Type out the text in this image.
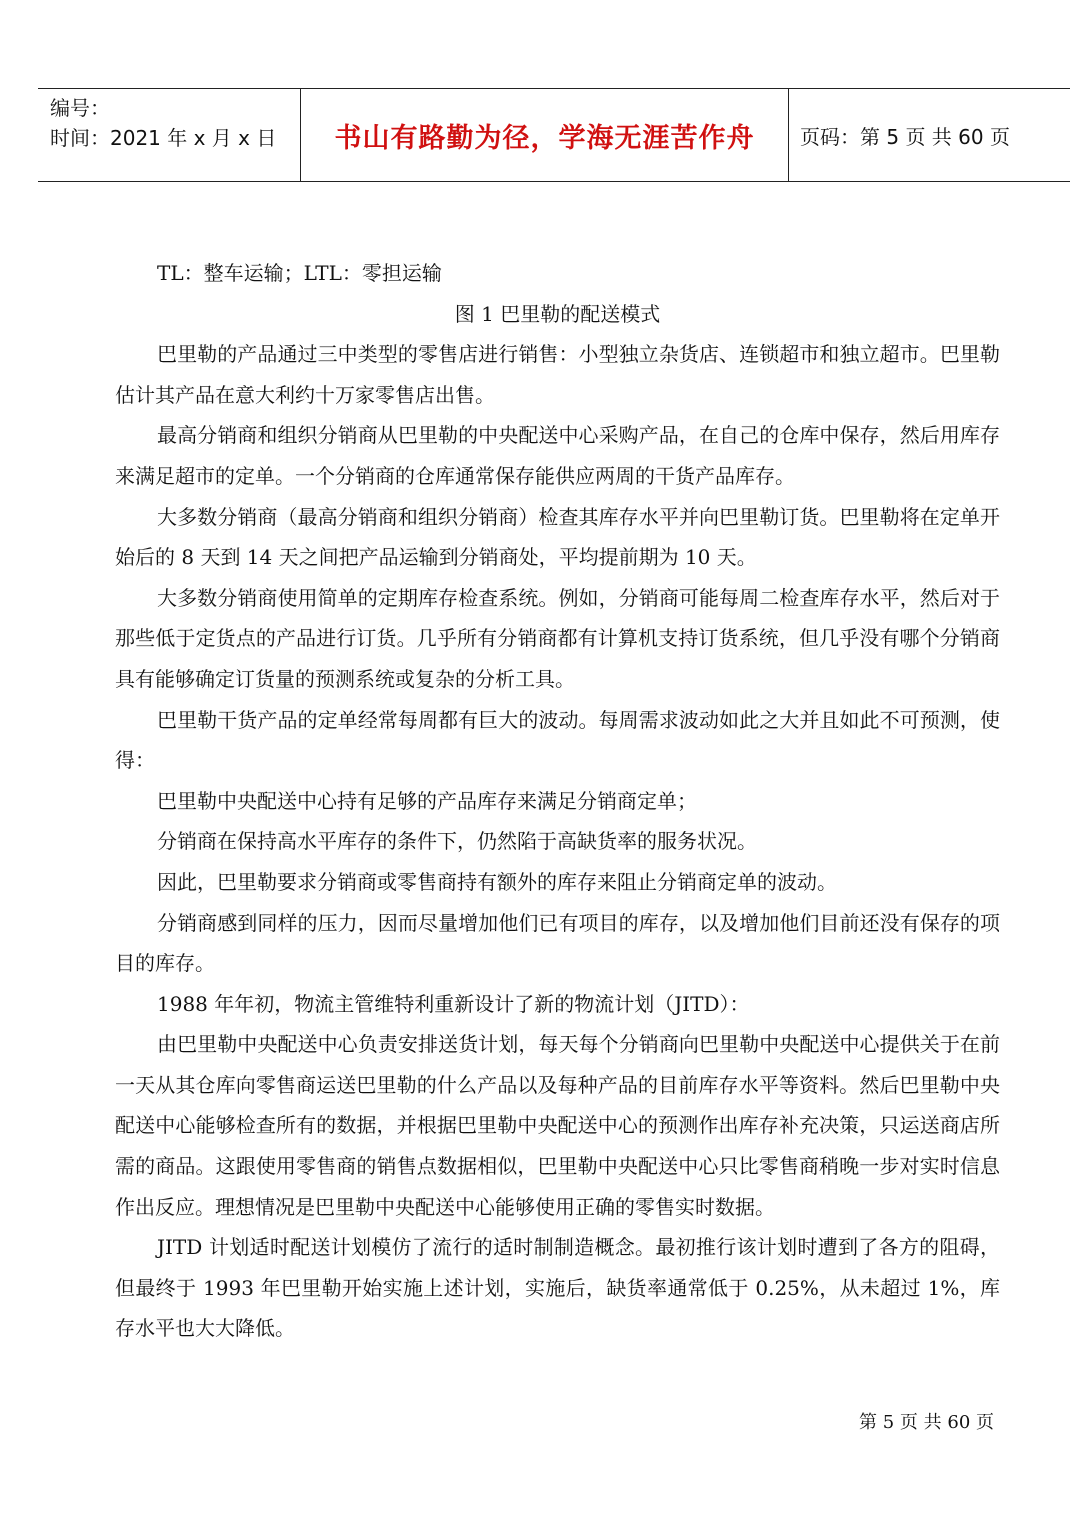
编号：
时间：2021 年 x 月 x 日	书山有路勤为径，学海无涯苦作舟	页码：第 5 页 共 60 页

TL：整车运输；LTL：零担运输

图 1 巴里勒的配送模式

巴里勒的产品通过三中类型的零售店进行销售：小型独立杂货店、连锁超市和独立超市。巴里勒估计其产品在意大利约十万家零售店出售。

最高分销商和组织分销商从巴里勒的中央配送中心采购产品，在自己的仓库中保存，然后用库存来满足超市的定单。一个分销商的仓库通常保存能供应两周的干货产品库存。

大多数分销商（最高分销商和组织分销商）检查其库存水平并向巴里勒订货。巴里勒将在定单开始后的 8 天到 14 天之间把产品运输到分销商处，平均提前期为 10 天。

大多数分销商使用简单的定期库存检查系统。例如，分销商可能每周二检查库存水平，然后对于那些低于定货点的产品进行订货。几乎所有分销商都有计算机支持订货系统，但几乎没有哪个分销商具有能够确定订货量的预测系统或复杂的分析工具。

巴里勒干货产品的定单经常每周都有巨大的波动。每周需求波动如此之大并且如此不可预测，使得：

巴里勒中央配送中心持有足够的产品库存来满足分销商定单；

分销商在保持高水平库存的条件下，仍然陷于高缺货率的服务状况。

因此，巴里勒要求分销商或零售商持有额外的库存来阻止分销商定单的波动。

分销商感到同样的压力，因而尽量增加他们已有项目的库存，以及增加他们目前还没有保存的项目的库存。

1988 年年初，物流主管维特利重新设计了新的物流计划（JITD）：

由巴里勒中央配送中心负责安排送货计划，每天每个分销商向巴里勒中央配送中心提供关于在前一天从其仓库向零售商运送巴里勒的什么产品以及每种产品的目前库存水平等资料。然后巴里勒中央配送中心能够检查所有的数据，并根据巴里勒中央配送中心的预测作出库存补充决策，只运送商店所需的商品。这跟使用零售商的销售点数据相似，巴里勒中央配送中心只比零售商稍晚一步对实时信息作出反应。理想情况是巴里勒中央配送中心能够使用正确的零售实时数据。

JITD 计划适时配送计划模仿了流行的适时制制造概念。最初推行该计划时遭到了各方的阻碍，但最终于 1993 年巴里勒开始实施上述计划，实施后，缺货率通常低于 0.25%，从未超过 1%，库存水平也大大降低。

第 5 页 共 60 页
